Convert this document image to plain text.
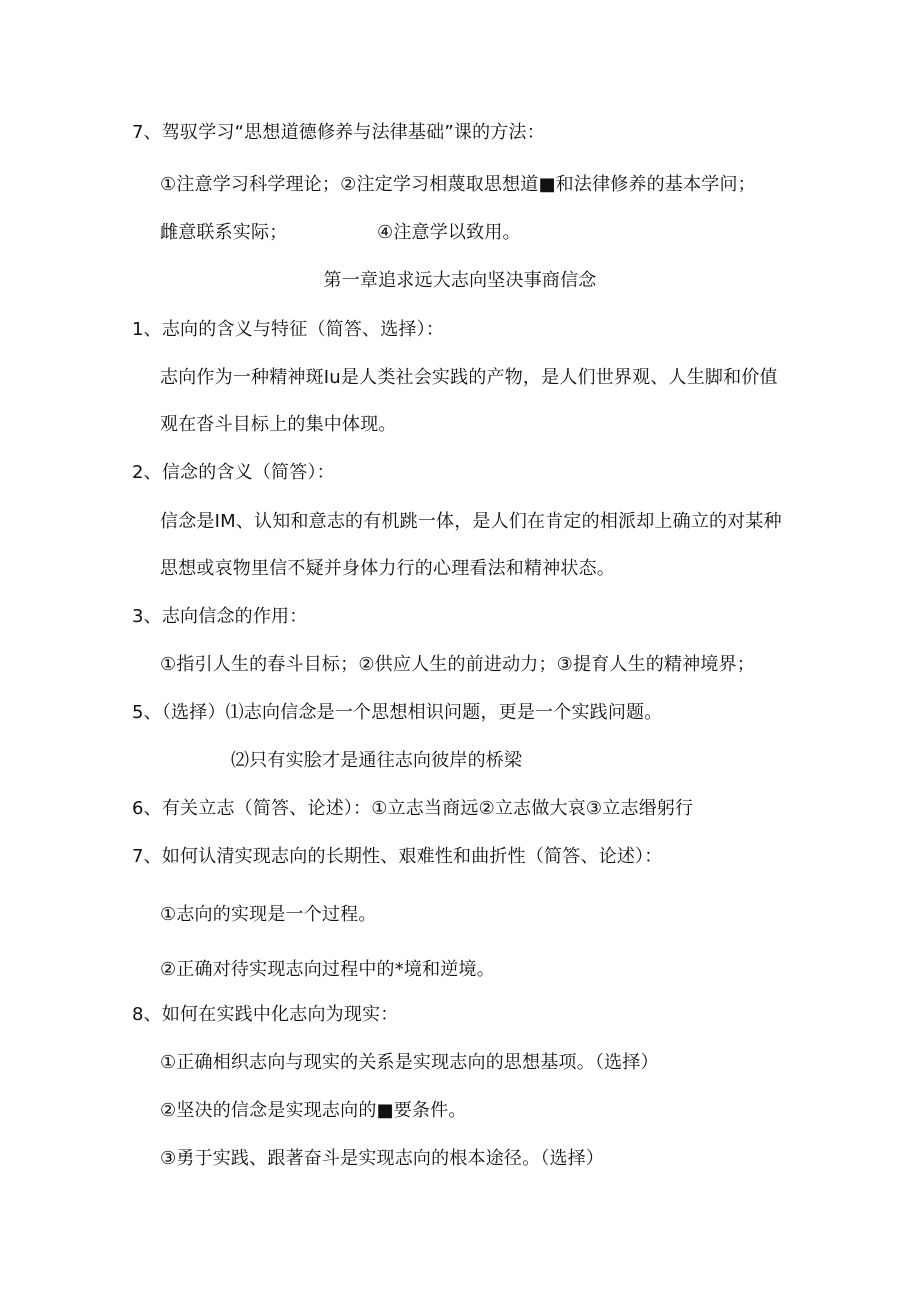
7、驾驭学习“思想道德修养与法律基础”课的方法：
①注意学习科学理论；②注定学习相蔑取思想道■和法律修养的基本学问；
雌意联系实际；	④注意学以致用。
第一章追求远大志向坚决事商信念
1、志向的含义与特征（简答、选择）：
志向作为一种精神斑Iu是人类社会实践的产物，是人们世界观、人生脚和价值
观在沓斗目标上的集中体现。
2、信念的含义（简答）：
信念是IM、认知和意志的有机跳一体，是人们在肯定的相派却上确立的对某种
思想或哀物里信不疑并身体力行的心理看法和精神状态。
3、志向信念的作用：
①指引人生的春斗目标；②供应人生的前进动力；③提育人生的精神境界；
5、（选择）⑴志向信念是一个思想相识问题，更是一个实践问题。
⑵只有实脍才是通往志向彼岸的桥梁
6、有关立志（简答、论述）：①立志当商远②立志做大哀③立志缗躬行
7、如何认清实现志向的长期性、艰难性和曲折性（简答、论述）：
①志向的实现是一个过程。
②正确对待实现志向过程中的*境和逆境。
8、如何在实践中化志向为现实：
①正确相织志向与现实的关系是实现志向的思想基项。（选择）
②坚决的信念是实现志向的■要条件。
③勇于实践、跟著奋斗是实现志向的根本途径。（选择）
